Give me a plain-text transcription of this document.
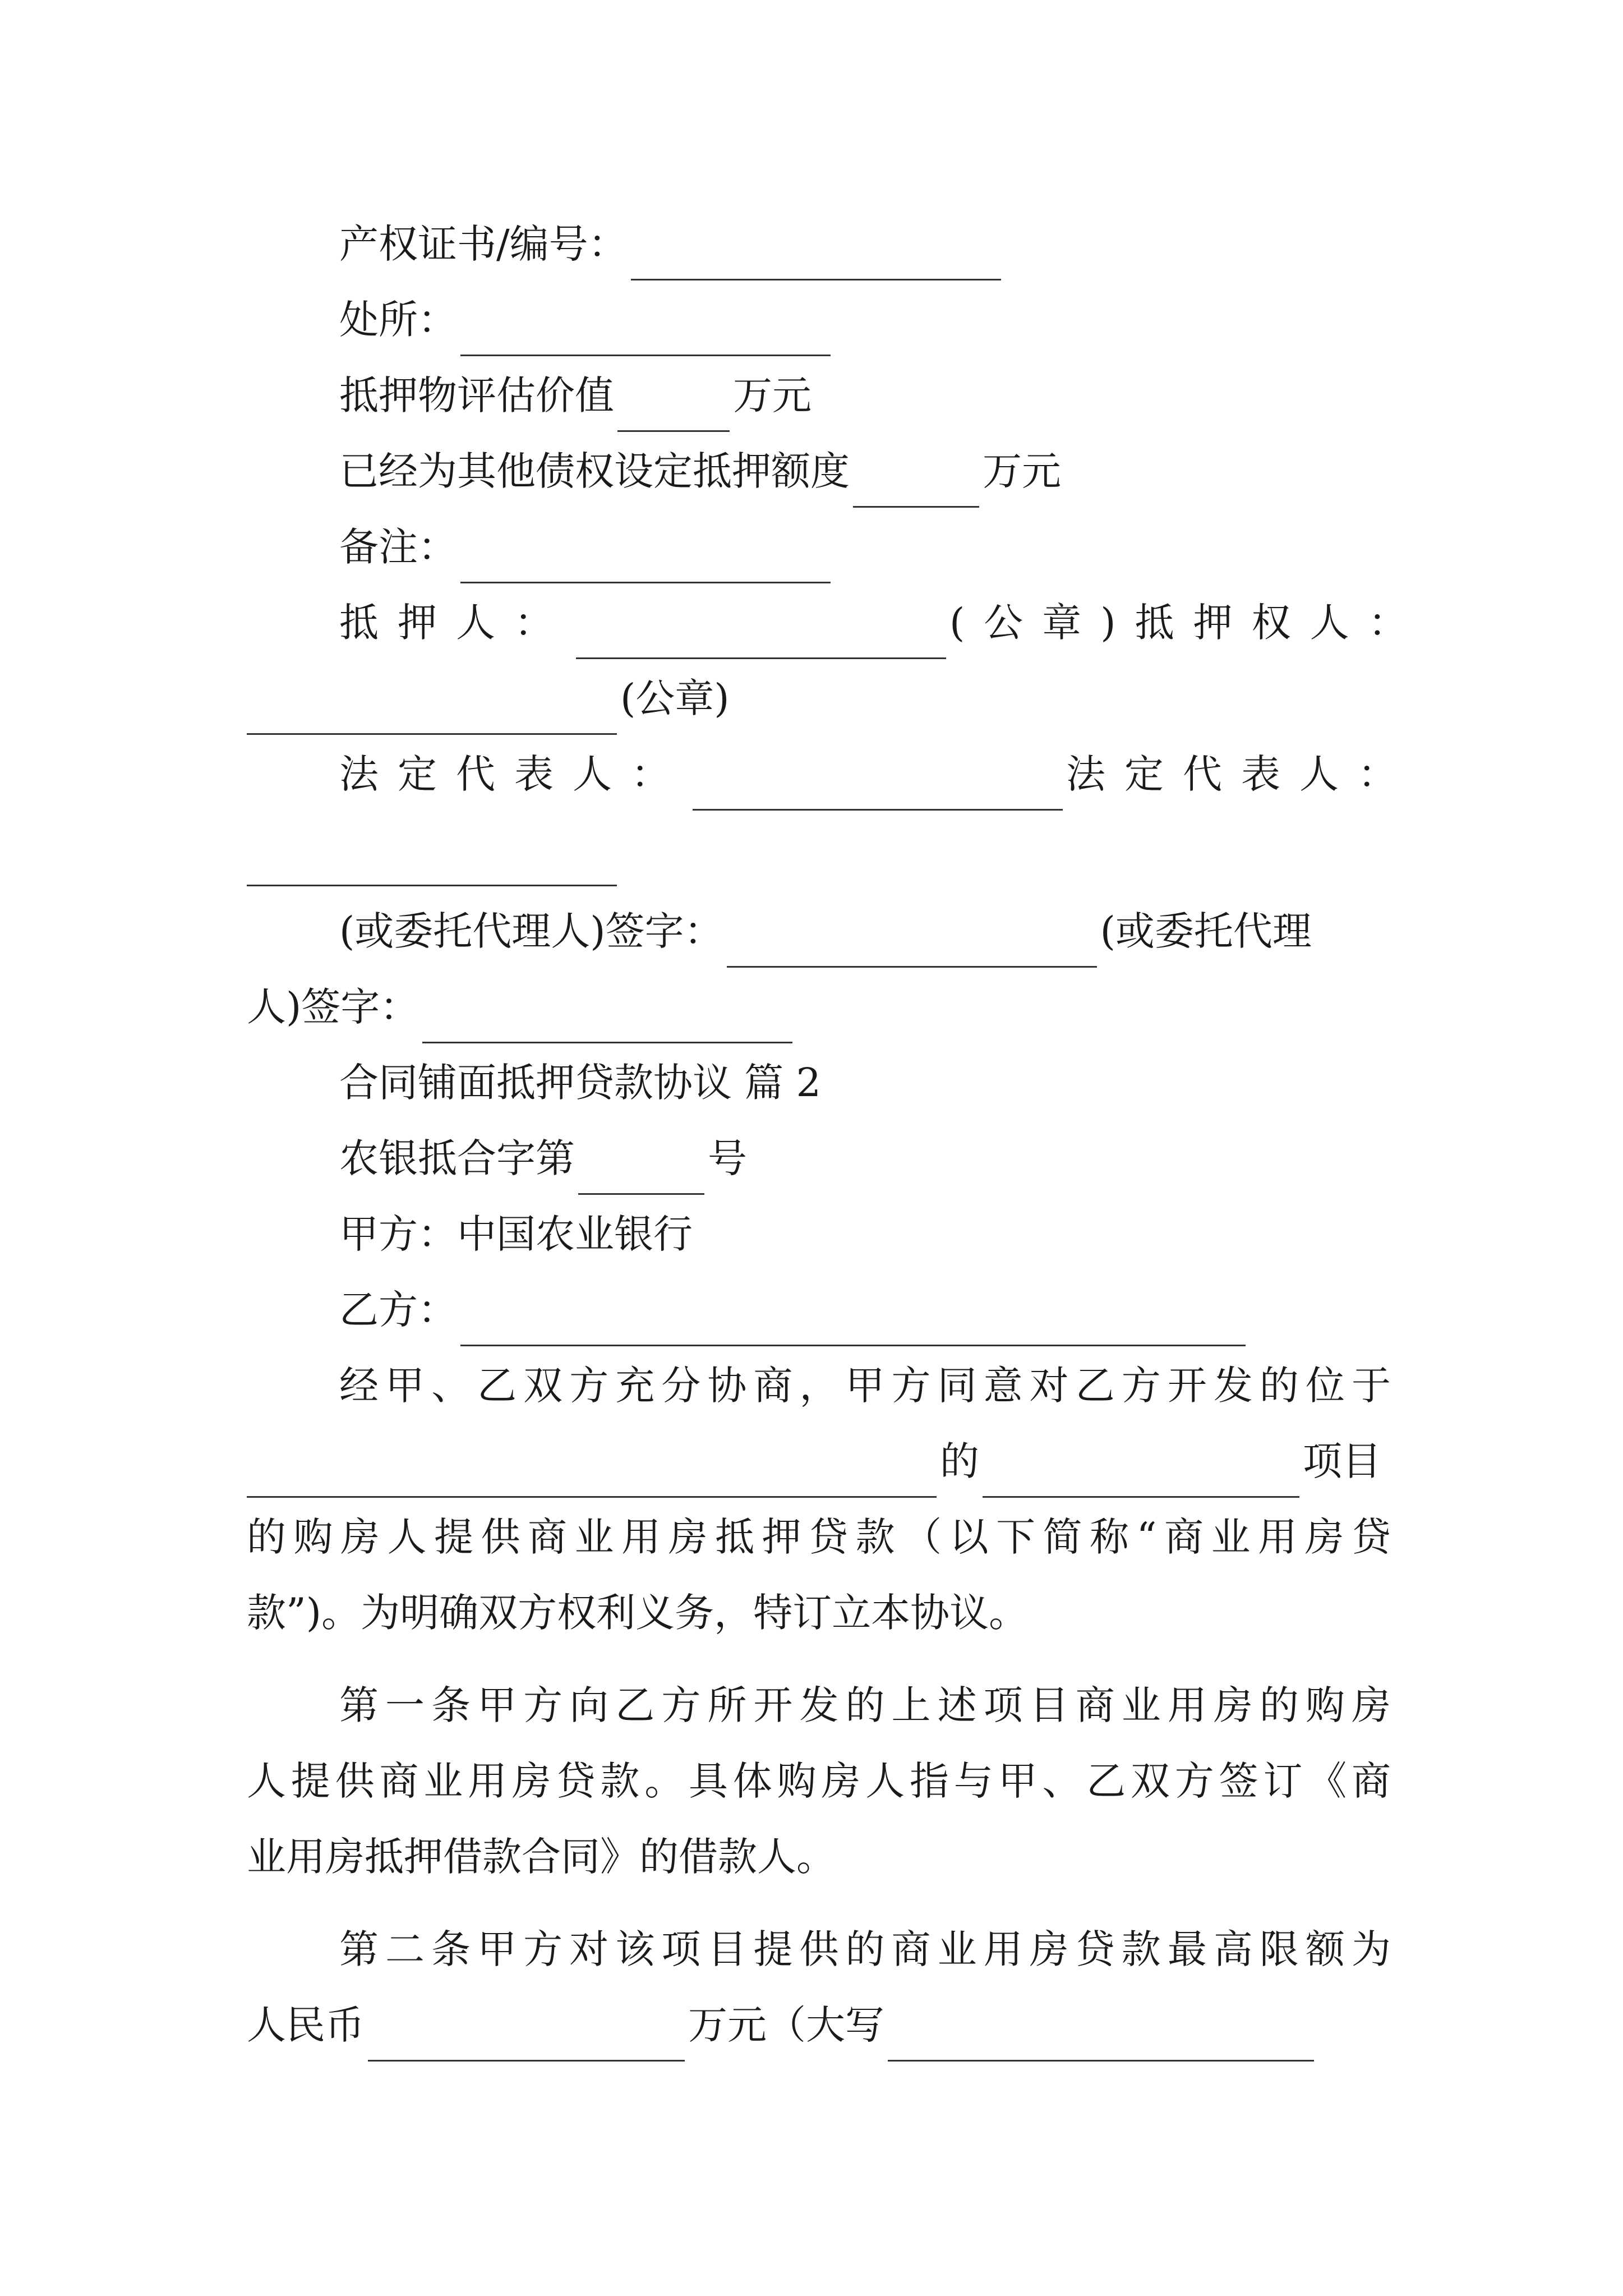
产权证书/编号：
处所：
抵押物评估价值	万元
已经为其他债权设定抵押额度	万元
备注：
抵押人：	(公章)抵押权人：
(公章)
法定代表人：	法定代表人：
(或委托代理人)签字：	(或委托代理
人)签字：
合同铺面抵押贷款协议 篇 2
农银抵合字第	号
甲方：中国农业银行
乙方：
经甲、乙双方充分协商，甲方同意对乙方开发的位于
的	项目
的购房人提供商业用房抵押贷款（以下简称“商业用房贷
款”)。为明确双方权利义务，特订立本协议。
第一条甲方向乙方所开发的上述项目商业用房的购房
人提供商业用房贷款。具体购房人指与甲、乙双方签订《商
业用房抵押借款合同》的借款人。
第二条甲方对该项目提供的商业用房贷款最高限额为
人民币	万元（大写
